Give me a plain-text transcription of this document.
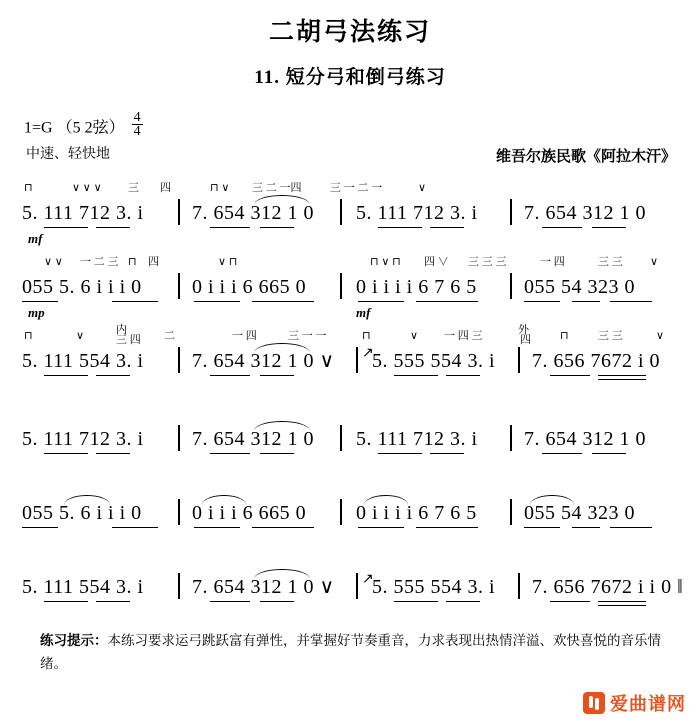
二胡弓法练习
11. 短分弓和倒弓练习
1=G （5 2弦） $\frac{4}{4}$
中速、轻快地	维吾尔族民歌《阿拉木汗》
⊓	∨ ∨ ∨ 三 四	⊓ ∨ 三 二 一四	三 一 二 一	∨
5. 111 712 3. i 7. 654 312 1 0 5. 111 712 3. i 7. 654 312 1 0
mf
∨ ∨ 一 二 三 ⊓ 四	∨ ⊓	⊓ ∨ ⊓ 四 ∨ 三 三 三	一 四	三 三 ∨
055 5. 6 i i i 0	0 i i i 6 665 0 0 i i i i 6 7 6 5 055 54 323 0
mp	mf
⊓	∨	内
三 四 二	一 四	三 一 一	⊓	∨ 一 四 三	外
四	⊓	三 三	∨
↗
5. 111 554 3. i 7. 654 312 1 0 ∨ 5. 555 554 3. i 7. 656 7672 i 0
5. 111 712 3. i 7. 654 312 1 0 5. 111 712 3. i 7. 654 312 1 0
055 5. 6 i i i 0	0 i i i 6 665 0 0 i i i i 6 7 6 5 055 54 323 0
↗
5. 111 554 3. i 7. 654 312 1 0 ∨ 5. 555 554 3. i 7. 656 7672 i i 0 ‖
练习提示：本练习要求运弓跳跃富有弹性，并掌握好节奏重音，力求表现出热情洋溢、欢快喜悦的音乐情绪。
爱曲谱网
